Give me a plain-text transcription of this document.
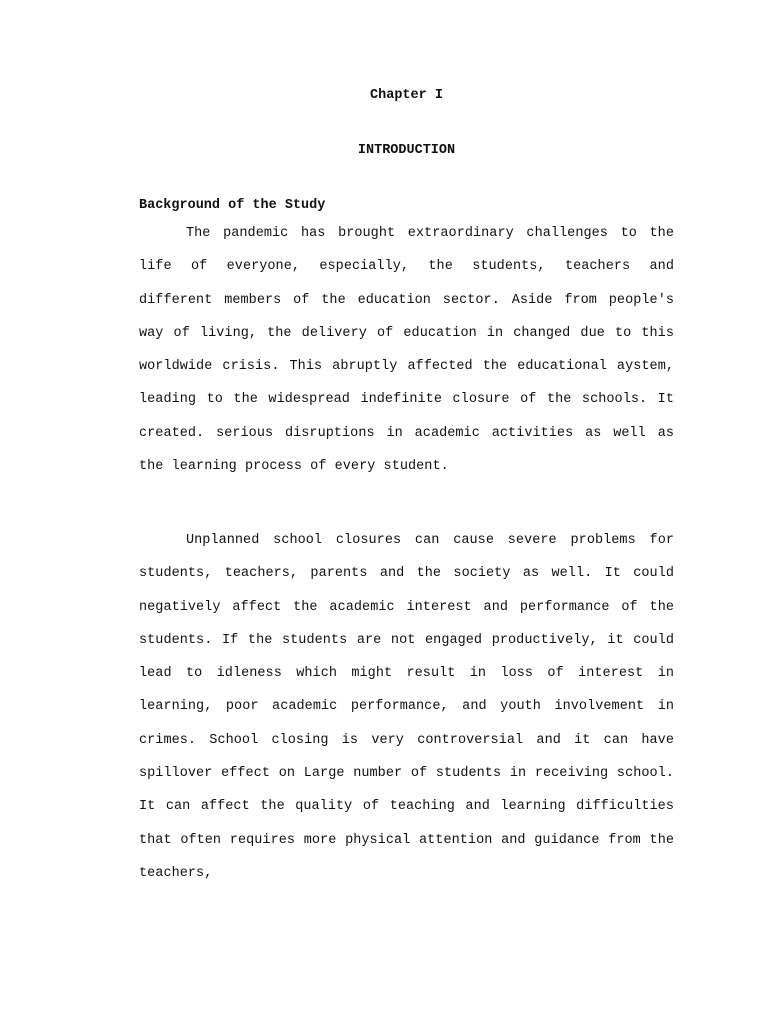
Chapter I
INTRODUCTION
Background of the Study

The pandemic has brought extraordinary challenges to the life of everyone, especially, the students, teachers and different members of the education sector. Aside from people's way of living, the delivery of education in changed due to this worldwide crisis. This abruptly affected the educational aystem, leading to the widespread indefinite closure of the schools. It created. serious disruptions in academic activities as well as the learning process of every student.

Unplanned school closures can cause severe problems for students, teachers, parents and the society as well. It could negatively affect the academic interest and performance of the students. If the students are not engaged productively, it could lead to idleness which might result in loss of interest in learning, poor academic performance, and youth involvement in crimes. School closing is very controversial and it can have spillover effect on Large number of students in receiving school. It can affect the quality of teaching and learning difficulties that often requires more physical attention and guidance from the teachers,
